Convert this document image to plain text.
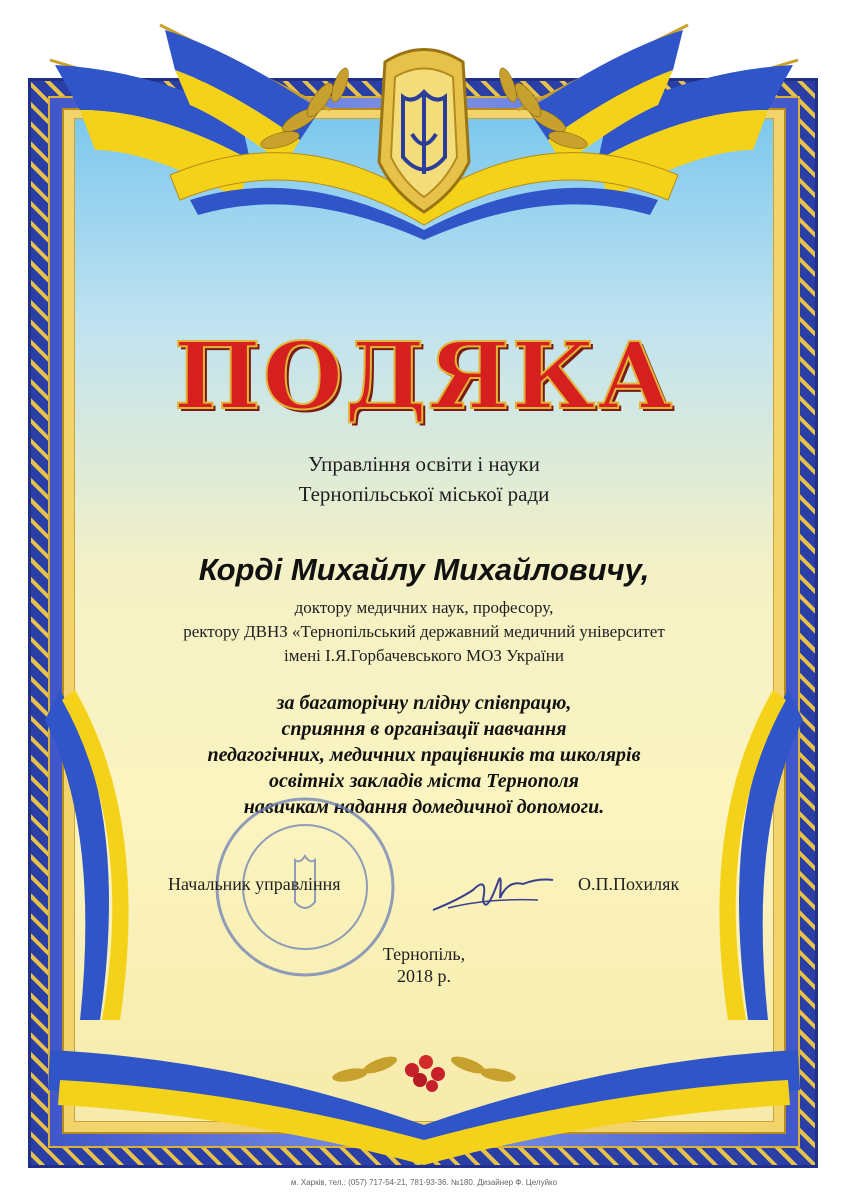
ПОДЯКА
Управління освіти і науки
Тернопільської міської ради
Корді Михайлу Михайловичу,
доктору медичних наук, професору,
ректору ДВНЗ «Тернопільський державний медичний університет
імені І.Я.Горбачевського МОЗ України
за багаторічну плідну співпрацю,
сприяння в організації навчання
педагогічних, медичних працівників та школярів
освітніх закладів міста Тернополя
навичкам надання домедичної допомоги.
Начальник управління	О.П.Похиляк
Тернопіль,
2018 р.
м. Харків, тел.: (057) 717-54-21, 781-93-36. №180. Дизайнер Ф. Целуйко
